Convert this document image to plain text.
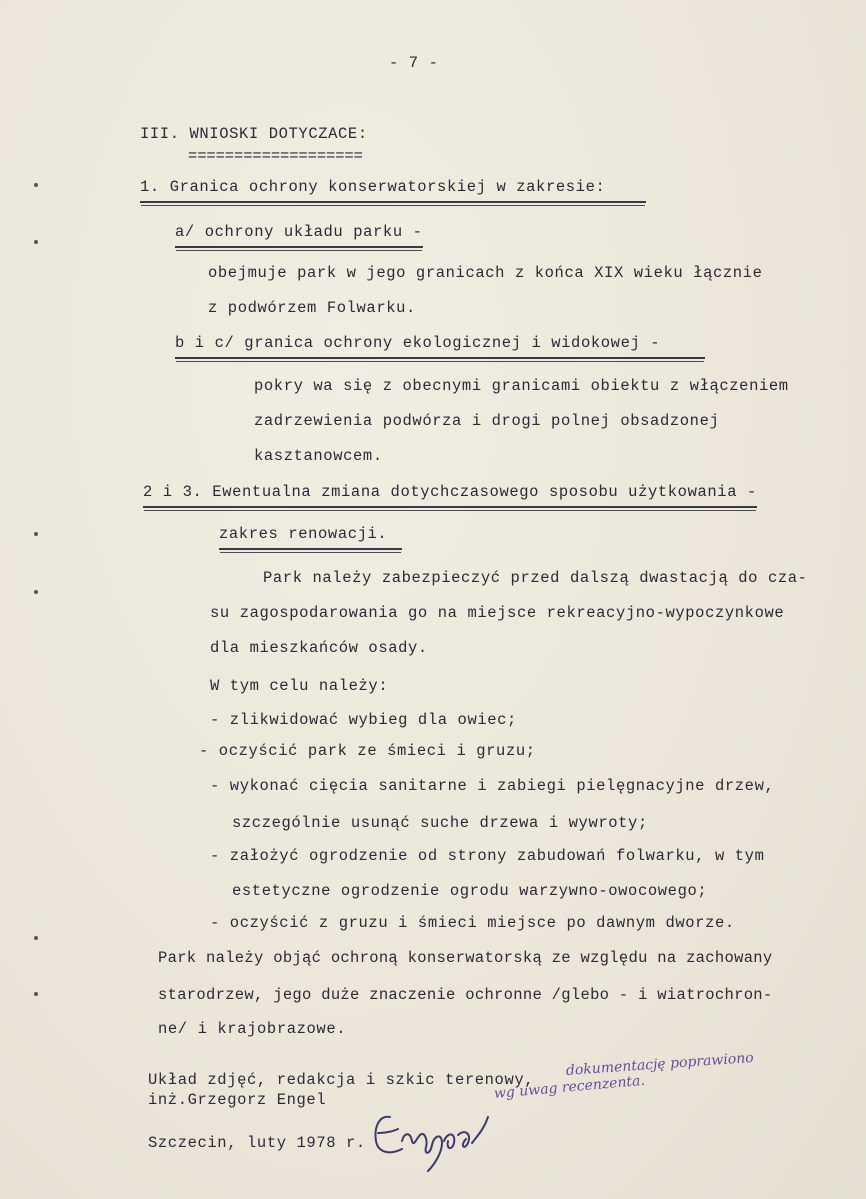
- 7 -
III. WNIOSKI DOTYCZACE:
===================
1. Granica ochrony konserwatorskiej w zakresie:
a/ ochrony układu parku -
obejmuje park w jego granicach z końca XIX wieku łącznie
z podwórzem Folwarku.
b i c/ granica ochrony ekologicznej i widokowej -
pokry wa się z obecnymi granicami obiektu z włączeniem
zadrzewienia podwórza i drogi polnej obsadzonej
kasztanowcem.
2 i 3. Ewentualna zmiana dotychczasowego sposobu użytkowania -
zakres renowacji.
Park należy zabezpieczyć przed dalszą dwastacją do cza-
su zagospodarowania go na miejsce rekreacyjno-wypoczynkowe
dla mieszkańców osady.
W tym celu należy:
- zlikwidować wybieg dla owiec;
- oczyścić park ze śmieci i gruzu;
- wykonać cięcia sanitarne i zabiegi pielęgnacyjne drzew,
szczególnie usunąć suche drzewa i wywroty;
- założyć ogrodzenie od strony zabudowań folwarku, w tym
estetyczne ogrodzenie ogrodu warzywno-owocowego;
- oczyścić z gruzu i śmieci miejsce po dawnym dworze.
Park należy objąć ochroną konserwatorską ze względu na zachowany
starodrzew, jego duże znaczenie ochronne /glebo - i wiatrochron-
ne/ i krajobrazowe.
Układ zdjęć, redakcja i szkic terenowy,
inż.Grzegorz Engel
Szczecin, luty 1978 r.
dokumentację poprawiono
wg uwag recenzenta.
